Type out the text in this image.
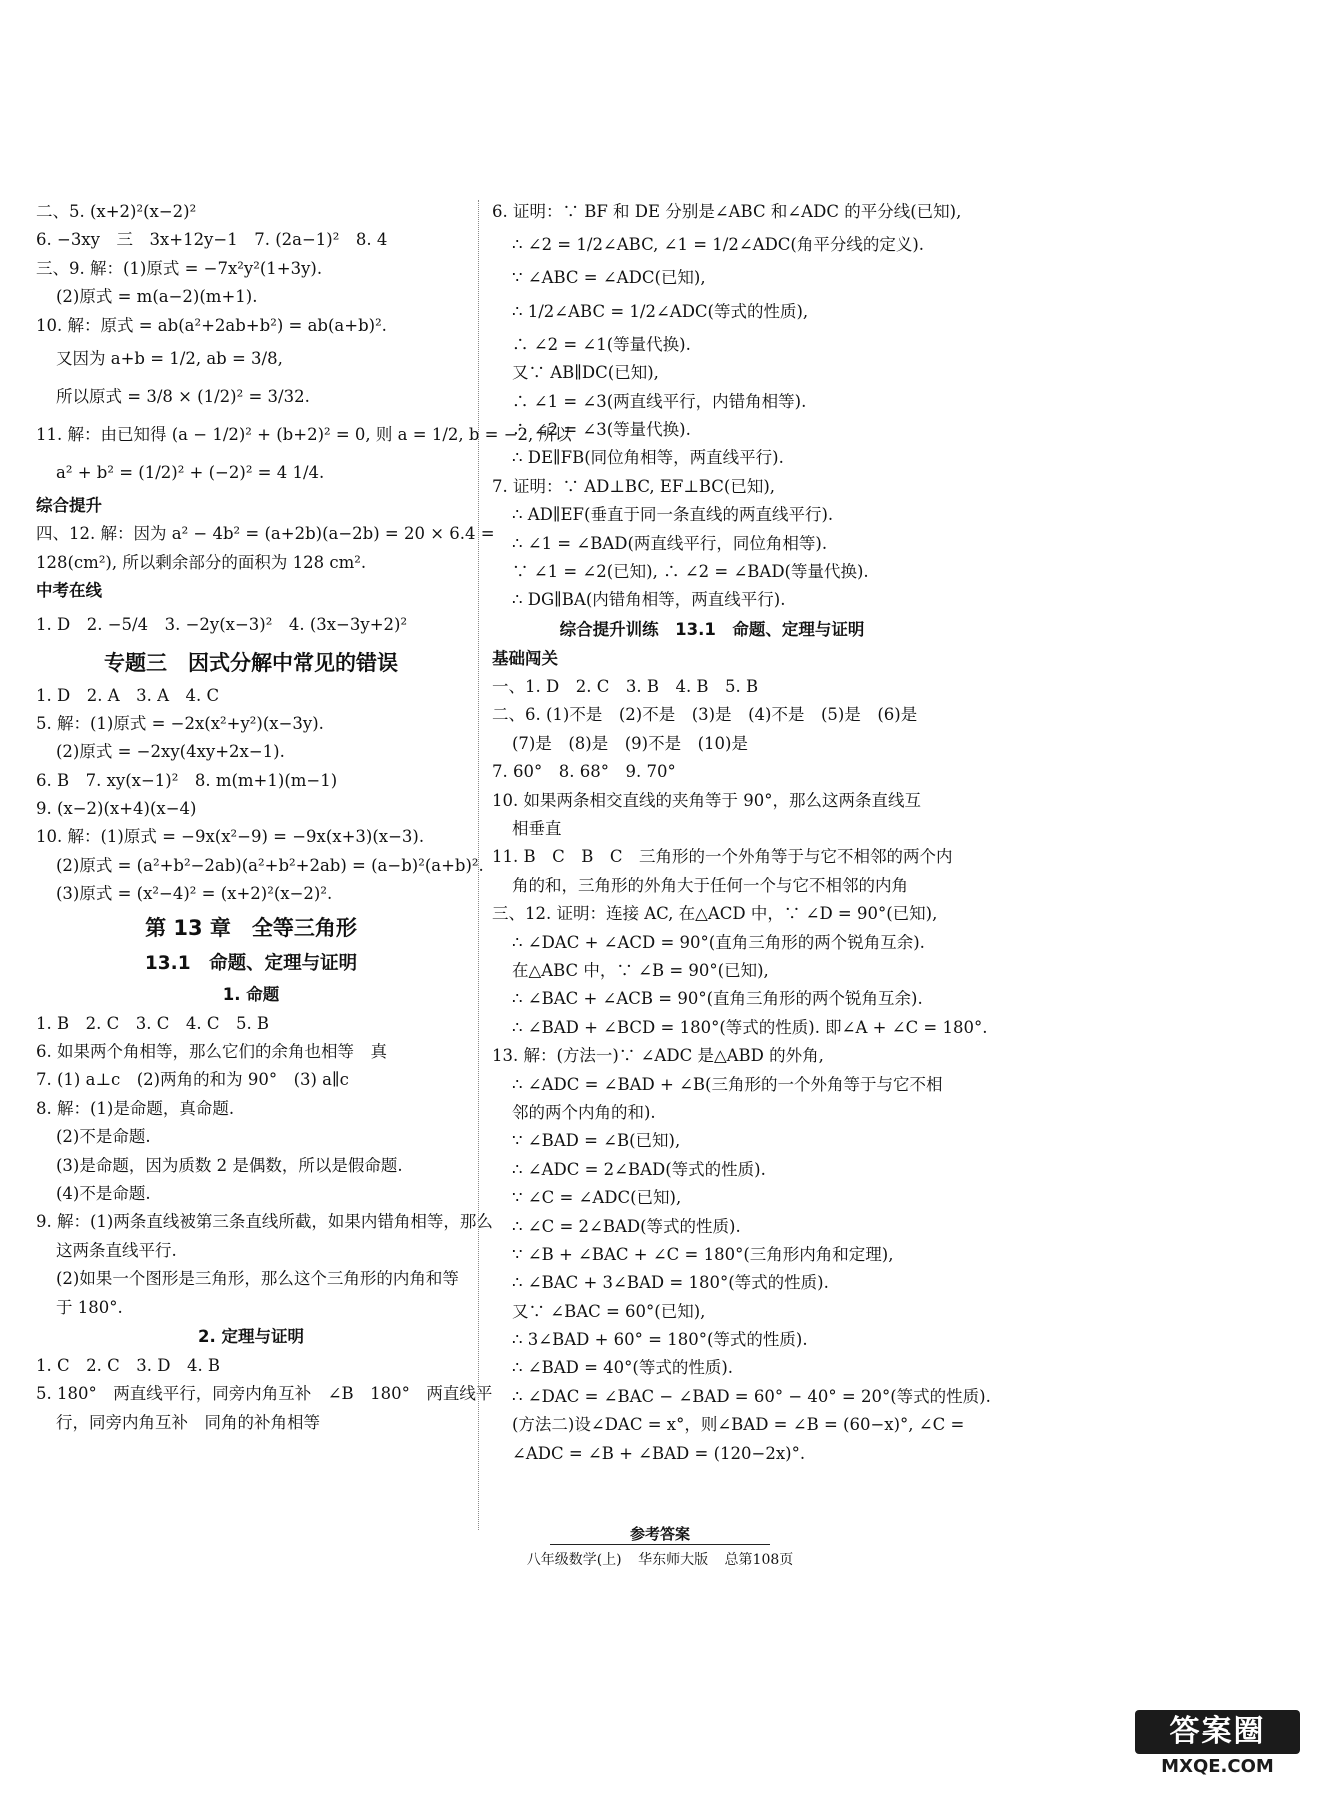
二、5. (x+2)²(x−2)²
6. −3xy　三　3x+12y−1　7. (2a−1)²　8. 4
三、9. 解：(1)原式 = −7x²y²(1+3y).
(2)原式 = m(a−2)(m+1).
10. 解：原式 = ab(a²+2ab+b²) = ab(a+b)².
又因为 a+b = 1/2, ab = 3/8,
所以原式 = 3/8 × (1/2)² = 3/32.
11. 解：由已知得 (a − 1/2)² + (b+2)² = 0, 则 a = 1/2, b = −2, 所以
a² + b² = (1/2)² + (−2)² = 4 1/4.
综合提升
四、12. 解：因为 a² − 4b² = (a+2b)(a−2b) = 20 × 6.4 =
128(cm²), 所以剩余部分的面积为 128 cm².
中考在线
1. D　2. −5/4　3. −2y(x−3)²　4. (3x−3y+2)²
专题三　因式分解中常见的错误
1. D　2. A　3. A　4. C
5. 解：(1)原式 = −2x(x²+y²)(x−3y).
(2)原式 = −2xy(4xy+2x−1).
6. B　7. xy(x−1)²　8. m(m+1)(m−1)
9. (x−2)(x+4)(x−4)
10. 解：(1)原式 = −9x(x²−9) = −9x(x+3)(x−3).
(2)原式 = (a²+b²−2ab)(a²+b²+2ab) = (a−b)²(a+b)².
(3)原式 = (x²−4)² = (x+2)²(x−2)².
第 13 章　全等三角形
13.1　命题、定理与证明
1. 命题
1. B　2. C　3. C　4. C　5. B
6. 如果两个角相等，那么它们的余角也相等　真
7. (1) a⊥c　(2)两角的和为 90°　(3) a∥c
8. 解：(1)是命题，真命题.
(2)不是命题.
(3)是命题，因为质数 2 是偶数，所以是假命题.
(4)不是命题.
9. 解：(1)两条直线被第三条直线所截，如果内错角相等，那么
这两条直线平行.
(2)如果一个图形是三角形，那么这个三角形的内角和等
于 180°.
2. 定理与证明
1. C　2. C　3. D　4. B
5. 180°　两直线平行，同旁内角互补　∠B　180°　两直线平
行，同旁内角互补　同角的补角相等
6. 证明：∵ BF 和 DE 分别是∠ABC 和∠ADC 的平分线(已知),
∴ ∠2 = 1/2∠ABC, ∠1 = 1/2∠ADC(角平分线的定义).
∵ ∠ABC = ∠ADC(已知),
∴ 1/2∠ABC = 1/2∠ADC(等式的性质),
∴ ∠2 = ∠1(等量代换).
又∵ AB∥DC(已知),
∴ ∠1 = ∠3(两直线平行，内错角相等).
∴ ∠2 = ∠3(等量代换).
∴ DE∥FB(同位角相等，两直线平行).
7. 证明：∵ AD⊥BC, EF⊥BC(已知),
∴ AD∥EF(垂直于同一条直线的两直线平行).
∴ ∠1 = ∠BAD(两直线平行，同位角相等).
∵ ∠1 = ∠2(已知), ∴ ∠2 = ∠BAD(等量代换).
∴ DG∥BA(内错角相等，两直线平行).
综合提升训练　13.1　命题、定理与证明
基础闯关
一、1. D　2. C　3. B　4. B　5. B
二、6. (1)不是　(2)不是　(3)是　(4)不是　(5)是　(6)是
(7)是　(8)是　(9)不是　(10)是
7. 60°　8. 68°　9. 70°
10. 如果两条相交直线的夹角等于 90°，那么这两条直线互
相垂直
11. B　C　B　C　三角形的一个外角等于与它不相邻的两个内
角的和，三角形的外角大于任何一个与它不相邻的内角
三、12. 证明：连接 AC, 在△ACD 中，∵ ∠D = 90°(已知),
∴ ∠DAC + ∠ACD = 90°(直角三角形的两个锐角互余).
在△ABC 中，∵ ∠B = 90°(已知),
∴ ∠BAC + ∠ACB = 90°(直角三角形的两个锐角互余).
∴ ∠BAD + ∠BCD = 180°(等式的性质). 即∠A + ∠C = 180°.
13. 解：(方法一)∵ ∠ADC 是△ABD 的外角,
∴ ∠ADC = ∠BAD + ∠B(三角形的一个外角等于与它不相
邻的两个内角的和).
∵ ∠BAD = ∠B(已知),
∴ ∠ADC = 2∠BAD(等式的性质).
∵ ∠C = ∠ADC(已知),
∴ ∠C = 2∠BAD(等式的性质).
∵ ∠B + ∠BAC + ∠C = 180°(三角形内角和定理),
∴ ∠BAC + 3∠BAD = 180°(等式的性质).
又∵ ∠BAC = 60°(已知),
∴ 3∠BAD + 60° = 180°(等式的性质).
∴ ∠BAD = 40°(等式的性质).
∴ ∠DAC = ∠BAC − ∠BAD = 60° − 40° = 20°(等式的性质).
(方法二)设∠DAC = x°，则∠BAD = ∠B = (60−x)°, ∠C =
∠ADC = ∠B + ∠BAD = (120−2x)°.
参考答案
八年级数学(上) 华东师大版 总第108页
答案圈
MXQE.COM
